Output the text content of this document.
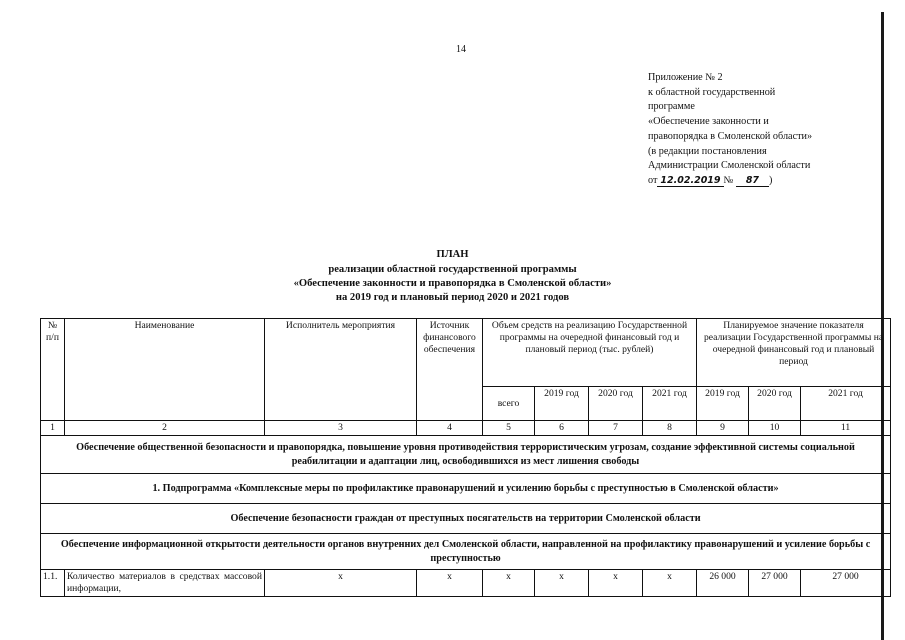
14
Приложение № 2
к областной государственной
программе
«Обеспечение законности и
правопорядка в Смоленской области»
(в редакции постановления
Администрации Смоленской области
от 12.02.2019 № 87 )
ПЛАН
реализации областной государственной программы
«Обеспечение законности и правопорядка в Смоленской области»
на 2019 год и плановый период 2020 и 2021 годов
№ п/п	Наименование	Исполнитель мероприятия	Источник финансового обеспечения	Объем средств на реализацию Государственной программы на очередной финансовый год и плановый период (тыс. рублей)				Планируемое значение показателя реализации Государственной программы на очередной финансовый год и плановый период		
				всего	2019 год	2020 год	2021 год	2019 год	2020 год	2021 год
1	2	3	4	5	6	7	8	9	10	11
Обеспечение общественной безопасности и правопорядка, повышение уровня противодействия террористическим угрозам, создание эффективной системы социальной реабилитации и адаптации лиц, освободившихся из мест лишения свободы										
1. Подпрограмма «Комплексные меры по профилактике правонарушений и усилению борьбы с преступностью в Смоленской области»										
Обеспечение безопасности граждан от преступных посягательств на территории Смоленской области										
Обеспечение информационной открытости деятельности органов внутренних дел Смоленской области, направленной на профилактику правонарушений и усиление борьбы с преступностью										
1.1.	Количество материалов в средствах массовой информации,	х	х	х	х	х	х	26 000	27 000	27 000
